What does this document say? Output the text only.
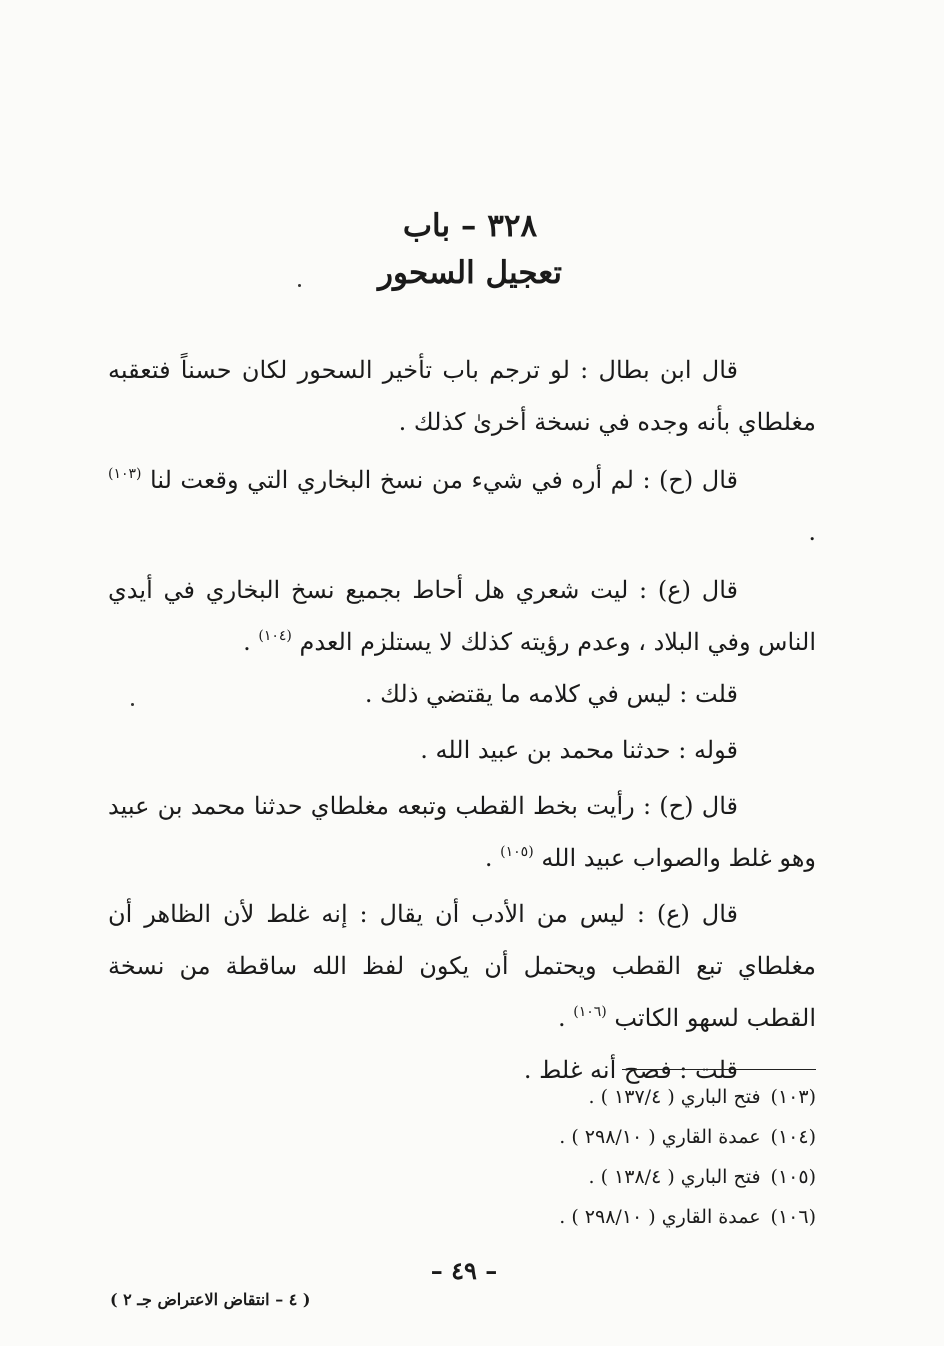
٣٢٨ – باب
تعجيل السحور

قال ابن بطال : لو ترجم باب تأخير السحور لكان حسناً فتعقبه مغلطاي بأنه وجده في نسخة أخرىٰ كذلك .

قال (ح) : لم أره في شيء من نسخ البخاري التي وقعت لنا $^{(١٠٣)}$ .

قال (ع) : ليت شعري هل أحاط بجميع نسخ البخاري في أيدي الناس وفي البلاد ، وعدم رؤيته كذلك لا يستلزم العدم $^{(١٠٤)}$ .

قلت : ليس في كلامه ما يقتضي ذلك .

قوله : حدثنا محمد بن عبيد الله .

قال (ح) : رأيت بخط القطب وتبعه مغلطاي حدثنا محمد بن عبيد وهو غلط والصواب عبيد الله $^{(١٠٥)}$ .

قال (ع) : ليس من الأدب أن يقال : إنه غلط لأن الظاهر أن مغلطاي تبع القطب ويحتمل أن يكون لفظ الله ساقطة من نسخة القطب لسهو الكاتب $^{(١٠٦)}$ .

قلت : فصح أنه غلط .

(١٠٣)فتح الباري ( ١٣٧/٤ ) .

(١٠٤)عمدة القاري ( ٢٩٨/١٠ ) .

(١٠٥)فتح الباري ( ١٣٨/٤ ) .

(١٠٦)عمدة القاري ( ٢٩٨/١٠ ) .

– ٤٩ –
( ٤ – انتقاض الاعتراض جـ ٢ )
